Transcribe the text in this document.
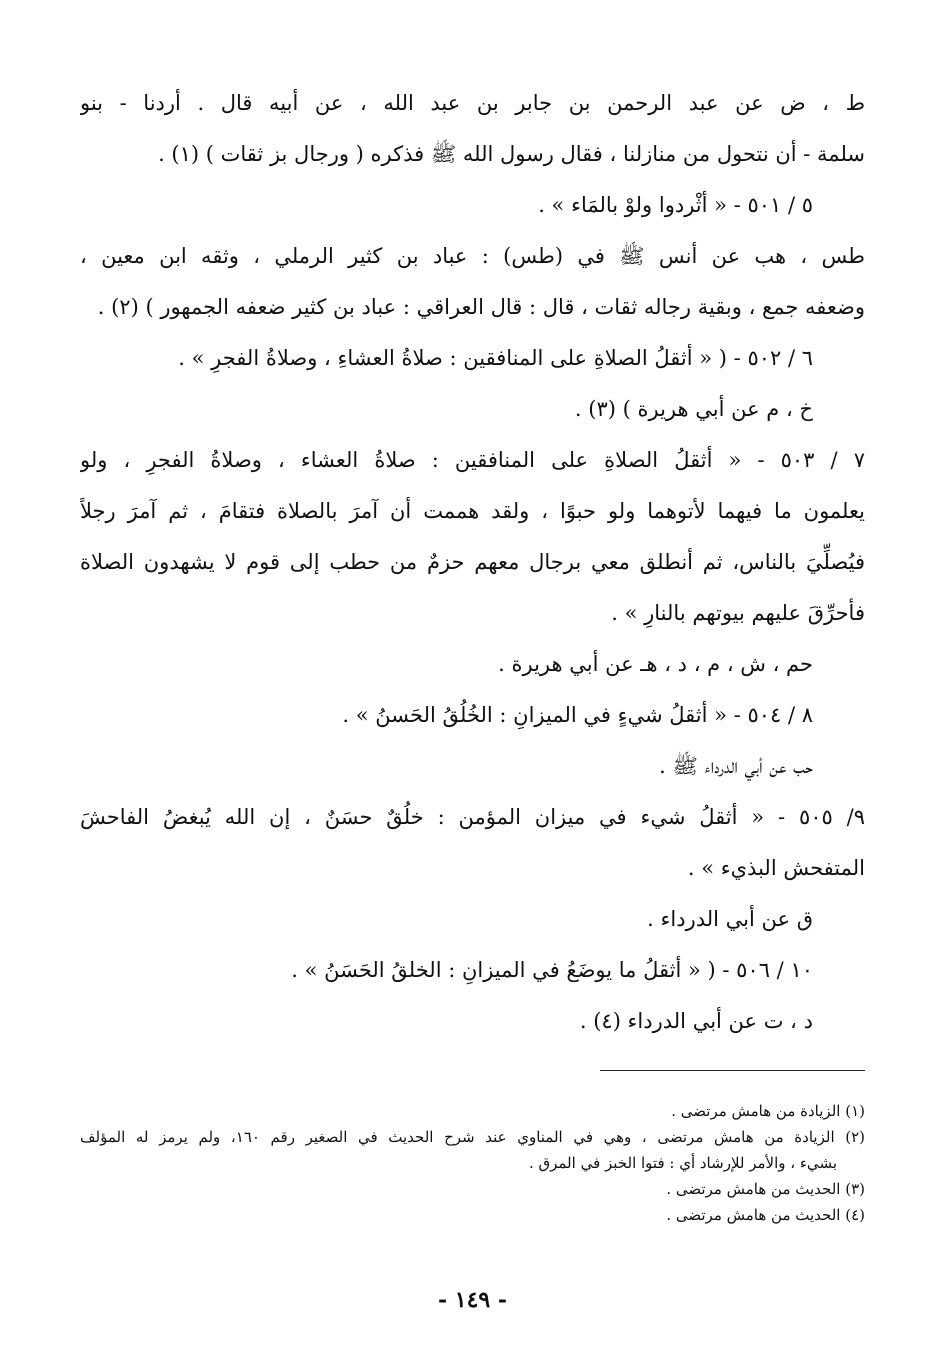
ط ، ض عن عبد الرحمن بن جابر بن عبد الله ، عن أبيه قال . أردنا - بنو
سلمة - أن نتحول من منازلنا ، فقال رسول الله ﷺ فذكره ( ورجال بز ثقات ) (١) .
٥ / ٥٠١ - « أثْردوا ولوْ بالمَاء » .
طس ، هب عن أنس ﷺ في (طس) : عباد بن كثير الرملي ، وثقه ابن معين ،
وضعفه جمع ، وبقية رجاله ثقات ، قال : قال العراقي : عباد بن كثير ضعفه الجمهور ) (٢) .
٦ / ٥٠٢ - ( « أثقلُ الصلاةِ على المنافقين : صلاةُ العشاءِ ، وصلاةُ الفجرِ » .
خ ، م عن أبي هريرة ) (٣) .
٧ / ٥٠٣ - « أثقلُ الصلاةِ على المنافقين : صلاةُ العشاء ، وصلاةُ الفجرِ ، ولو
يعلمون ما فيهما لأتوهما ولو حبوًا ، ولقد هممت أن آمرَ بالصلاة فتقامَ ، ثم آمرَ رجلاً
فيُصلِّيَ بالناس، ثم أنطلق معي برجال معهم حزمٌ من حطب إلى قوم لا يشهدون الصلاة
فأحرِّقَ عليهم بيوتهم بالنارِ » .
حم ، ش ، م ، د ، هـ عن أبي هريرة .
٨ / ٥٠٤ - « أثقلُ شيءٍ في الميزانِ : الخُلُقُ الحَسنُ » .
حب عن أبي الدرداء ﷺ .
٩/ ٥٠٥ - « أثقلُ شيء في ميزان المؤمن : خلُقٌ حسَنٌ ، إن الله يُبغضُ الفاحشَ
المتفحش البذيء » .
ق عن أبي الدرداء .
١٠ / ٥٠٦ - ( « أثقلُ ما يوضَعُ في الميزانِ : الخلقُ الحَسَنُ » .
د ، ت عن أبي الدرداء (٤) .
(١) الزيادة من هامش مرتضى .
(٢) الزيادة من هامش مرتضى ، وهي في المناوي عند شرح الحديث في الصغير رقم ١٦٠، ولم يرمز له المؤلف
بشيء ، والأمر للإرشاد أي : فتوا الخبز في المرق .
(٣) الحديث من هامش مرتضى .
(٤) الحديث من هامش مرتضى .
- ١٤٩ -
